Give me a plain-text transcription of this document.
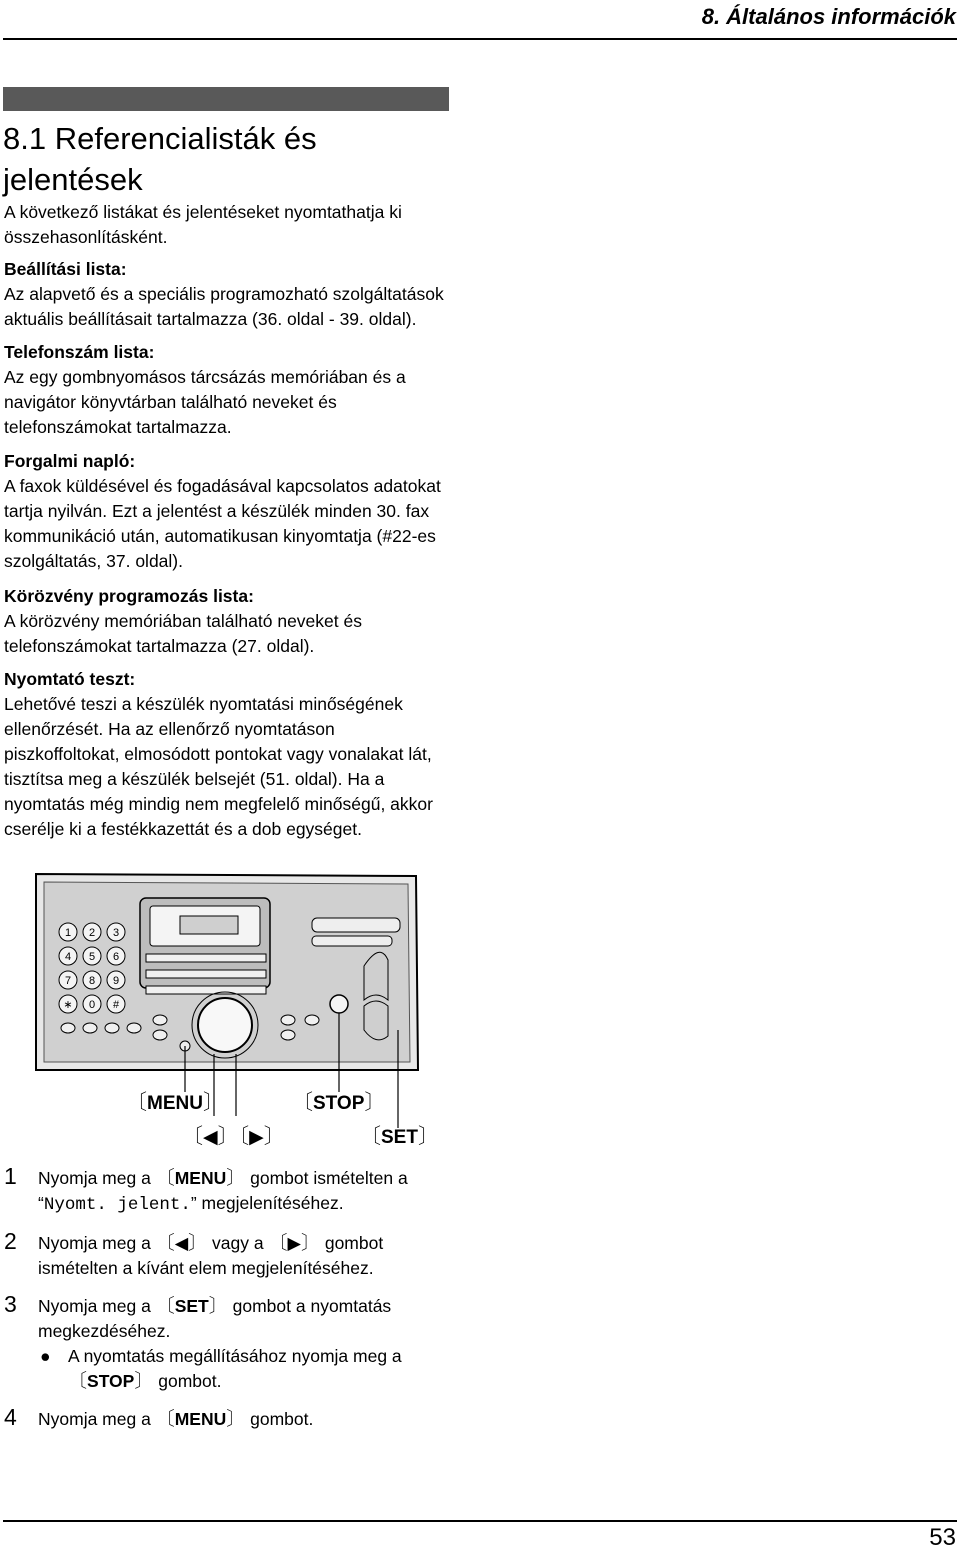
8. Általános információk
8.1 Referencialisták és jelentések
A következő listákat és jelentéseket nyomtathatja ki összehasonlításként.
Beállítási lista:
Az alapvető és a speciális programozható szolgáltatások aktuális beállításait tartalmazza (36. oldal - 39. oldal).
Telefonszám lista:
Az egy gombnyomásos tárcsázás memóriában és a navigátor könyvtárban található neveket és telefonszámokat tartalmazza.
Forgalmi napló:
A faxok küldésével és fogadásával kapcsolatos adatokat tartja nyilván. Ezt a jelentést a készülék minden 30. fax kommunikáció után, automatikusan kinyomtatja (#22-es szolgáltatás, 37. oldal).
Körözvény programozás lista:
A körözvény memóriában található neveket és telefonszámokat tartalmazza (27. oldal).
Nyomtató teszt:
Lehetővé teszi a készülék nyomtatási minőségének ellenőrzését. Ha az ellenőrző nyomtatáson piszkoffoltokat, elmosódott pontokat vagy vonalakat lát, tisztítsa meg a készülék belsejét (51. oldal). Ha a nyomtatás még mindig nem megfelelő minőségű, akkor cserélje ki a festékkazettát és a dob egységet.
1 2 3
4 5 6
7 8 9
∗ 0 #
〔MENU〕	〔STOP〕
〔◀〕〔▶〕	〔SET〕
1 Nyomja meg a 〔MENU〕 gombot ismételten a “Nyomt. jelent.” megjelenítéséhez.
2 Nyomja meg a 〔◀〕 vagy a 〔▶〕 gombot ismételten a kívánt elem megjelenítéséhez.
3 Nyomja meg a 〔SET〕 gombot a nyomtatás megkezdéséhez.
● A nyomtatás megállításához nyomja meg a 〔STOP〕 gombot.
4 Nyomja meg a 〔MENU〕 gombot.
53
